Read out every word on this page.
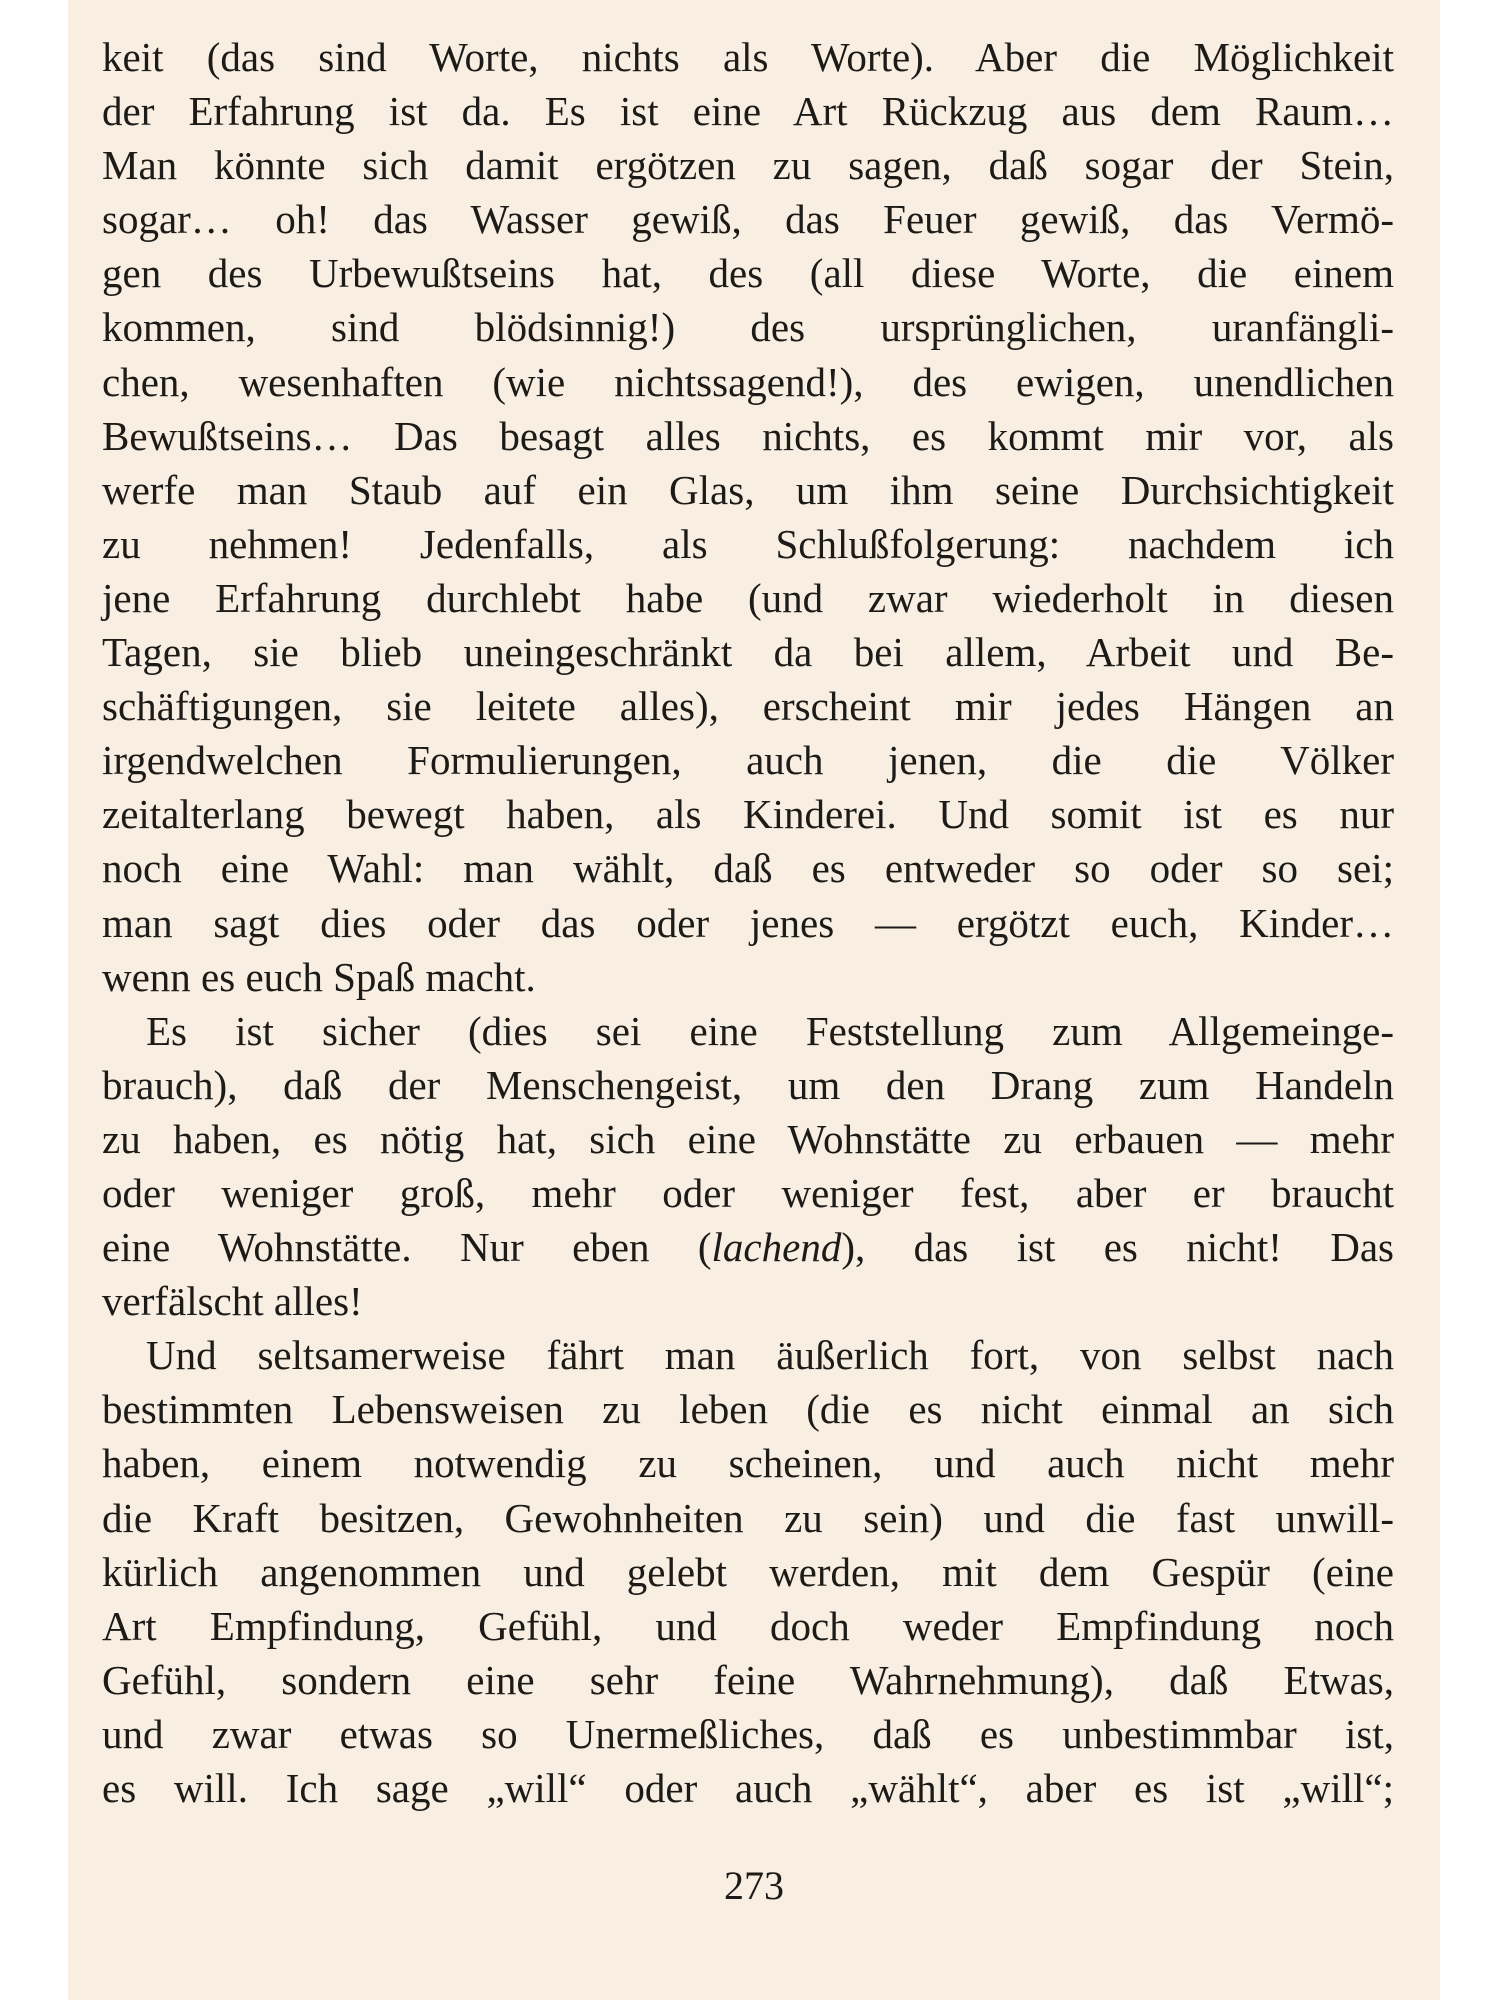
keit (das sind Worte, nichts als Worte). Aber die Möglichkeit
der Erfahrung ist da. Es ist eine Art Rückzug aus dem Raum…
Man könnte sich damit ergötzen zu sagen, daß sogar der Stein,
sogar… oh! das Wasser gewiß, das Feuer gewiß, das Vermö-
gen des Urbewußtseins hat, des (all diese Worte, die einem
kommen, sind blödsinnig!) des ursprünglichen, uranfängli-
chen, wesenhaften (wie nichtssagend!), des ewigen, unendlichen
Bewußtseins… Das besagt alles nichts, es kommt mir vor, als
werfe man Staub auf ein Glas, um ihm seine Durchsichtigkeit
zu nehmen! Jedenfalls, als Schlußfolgerung: nachdem ich
jene Erfahrung durchlebt habe (und zwar wiederholt in diesen
Tagen, sie blieb uneingeschränkt da bei allem, Arbeit und Be-
schäftigungen, sie leitete alles), erscheint mir jedes Hängen an
irgendwelchen Formulierungen, auch jenen, die die Völker
zeitalterlang bewegt haben, als Kinderei. Und somit ist es nur
noch eine Wahl: man wählt, daß es entweder so oder so sei;
man sagt dies oder das oder jenes — ergötzt euch, Kinder…
wenn es euch Spaß macht.
Es ist sicher (dies sei eine Feststellung zum Allgemeinge-
brauch), daß der Menschengeist, um den Drang zum Handeln
zu haben, es nötig hat, sich eine Wohnstätte zu erbauen — mehr
oder weniger groß, mehr oder weniger fest, aber er braucht
eine Wohnstätte. Nur eben (lachend), das ist es nicht! Das
verfälscht alles!
Und seltsamerweise fährt man äußerlich fort, von selbst nach
bestimmten Lebensweisen zu leben (die es nicht einmal an sich
haben, einem notwendig zu scheinen, und auch nicht mehr
die Kraft besitzen, Gewohnheiten zu sein) und die fast unwill-
kürlich angenommen und gelebt werden, mit dem Gespür (eine
Art Empfindung, Gefühl, und doch weder Empfindung noch
Gefühl, sondern eine sehr feine Wahrnehmung), daß Etwas,
und zwar etwas so Unermeßliches, daß es unbestimmbar ist,
es will. Ich sage „will“ oder auch „wählt“, aber es ist „will“;
273
